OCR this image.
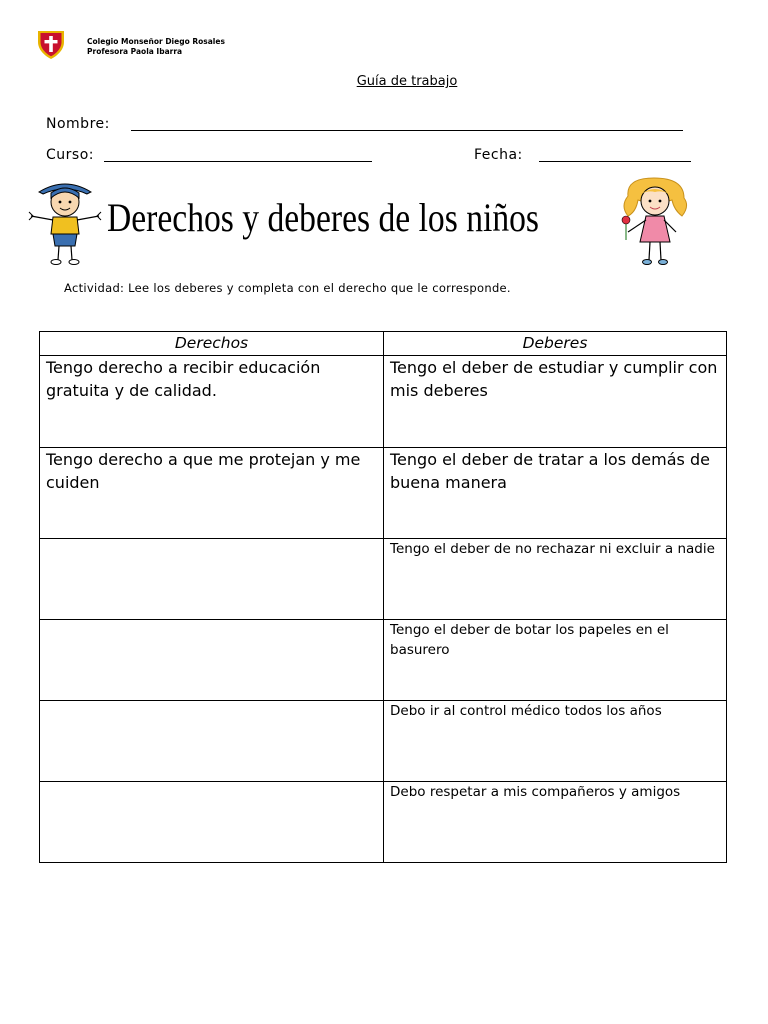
Colegio Monseñor Diego Rosales
Profesora Paola Ibarra
Guía de trabajo
Nombre:
Curso:	Fecha:
Derechos y deberes de los niños
Actividad: Lee los deberes y completa con el derecho que le corresponde.
Derechos	Deberes
Tengo derecho a recibir educación gratuita y de calidad.	Tengo el deber de estudiar y cumplir con mis deberes
Tengo derecho a que me protejan y me cuiden	Tengo el deber de tratar a los demás de buena manera
	Tengo el deber de no rechazar ni excluir a nadie
	Tengo el deber de botar los papeles en el basurero
	Debo ir al control médico todos los años
	Debo respetar a mis compañeros y amigos
